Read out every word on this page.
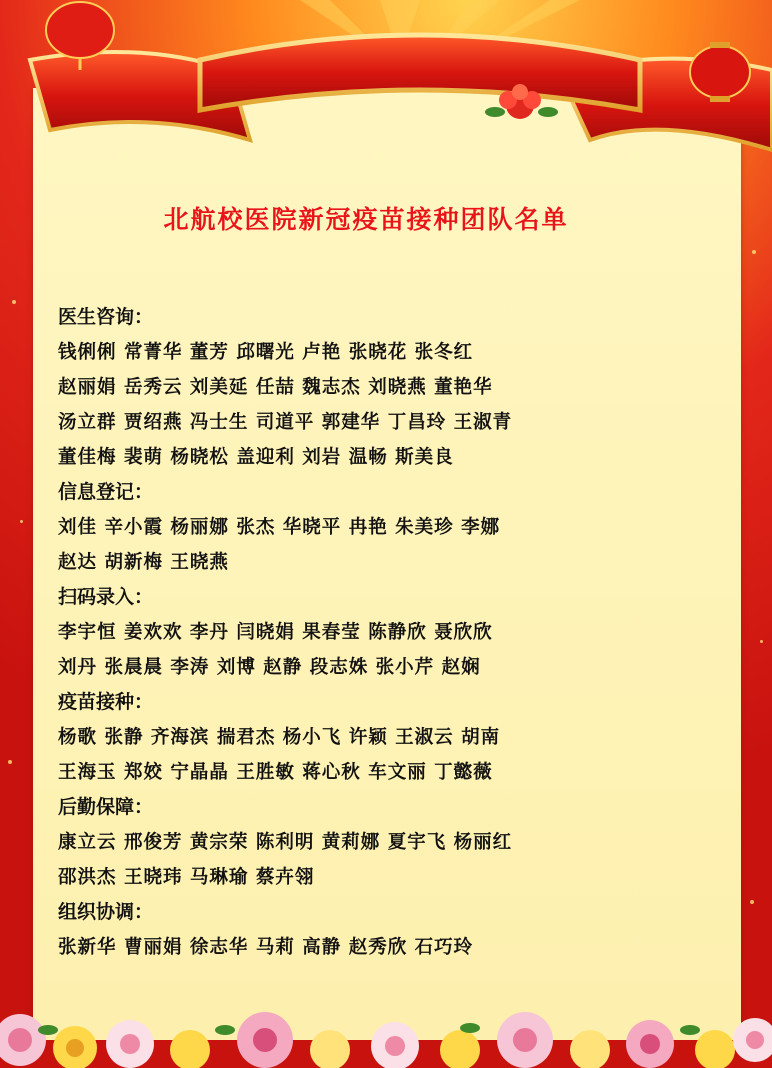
北航校医院新冠疫苗接种团队名单
医生咨询：
钱俐俐 常菁华 董芳 邱曙光 卢艳 张晓花 张冬红
赵丽娟 岳秀云 刘美延 任喆 魏志杰 刘晓燕 董艳华
汤立群 贾绍燕 冯士生 司道平 郭建华 丁昌玲 王淑青
董佳梅 裴萌 杨晓松 盖迎利 刘岩 温畅 斯美良
信息登记：
刘佳 辛小霞 杨丽娜 张杰 华晓平 冉艳 朱美珍 李娜
赵达 胡新梅 王晓燕
扫码录入：
李宇恒 姜欢欢 李丹 闫晓娟 果春莹 陈静欣 聂欣欣
刘丹 张晨晨 李涛 刘博 赵静 段志姝 张小芹 赵娴
疫苗接种：
杨歌 张静 齐海滨 揣君杰 杨小飞 许颖 王淑云 胡南
王海玉 郑姣 宁晶晶 王胜敏 蒋心秋 车文丽 丁懿薇
后勤保障：
康立云 邢俊芳 黄宗荣 陈利明 黄莉娜 夏宇飞 杨丽红
邵洪杰 王晓玮 马琳瑜 蔡卉翎
组织协调：
张新华 曹丽娟 徐志华 马莉 高静 赵秀欣 石巧玲
